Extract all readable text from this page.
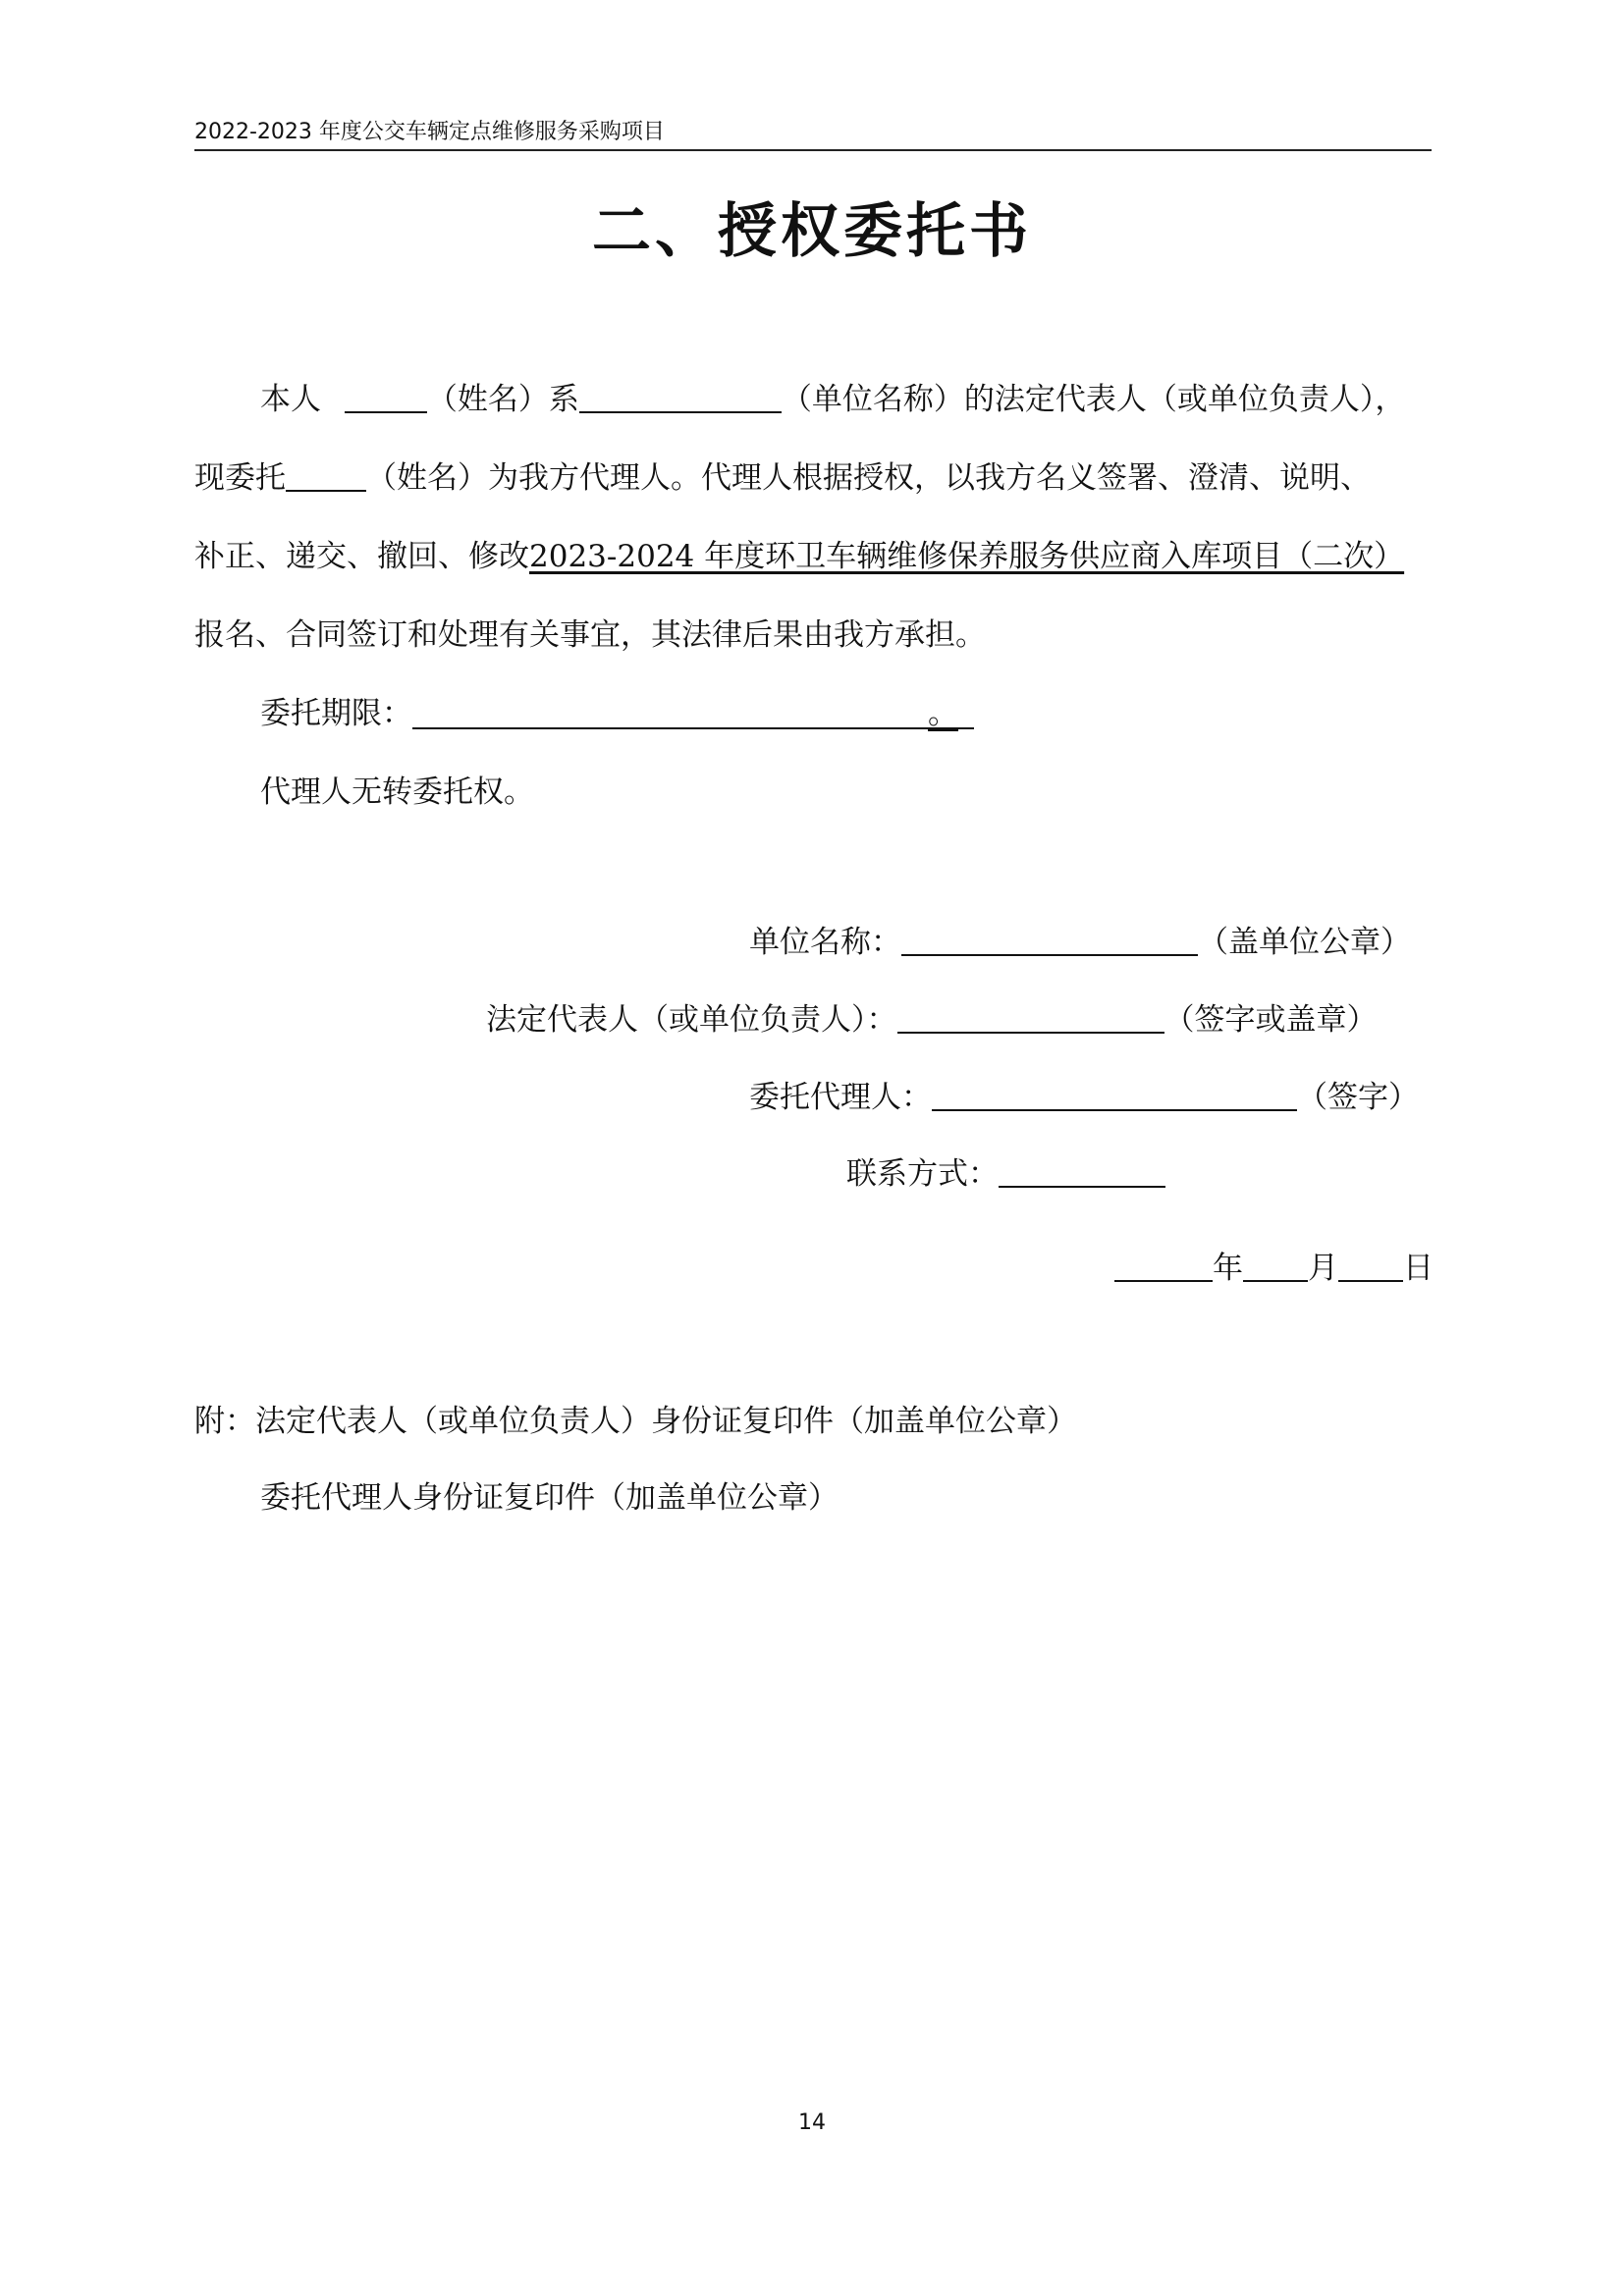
2022-2023 年度公交车辆定点维修服务采购项目
二、授权委托书
本人	（姓名）系	（单位名称）的法定代表人（或单位负责人），
现委托	（姓名）为我方代理人。代理人根据授权，以我方名义签署、澄清、说明、
补正、递交、撤回、修改2023-2024 年度环卫车辆维修保养服务供应商入库项目（二次）
报名、合同签订和处理有关事宜，其法律后果由我方承担。
委托期限：	。
代理人无转委托权。
单位名称：	（盖单位公章）
法定代表人（或单位负责人）：	（签字或盖章）
委托代理人：	（签字）
联系方式：
年 月 日
附：法定代表人（或单位负责人）身份证复印件（加盖单位公章）
委托代理人身份证复印件（加盖单位公章）
14
